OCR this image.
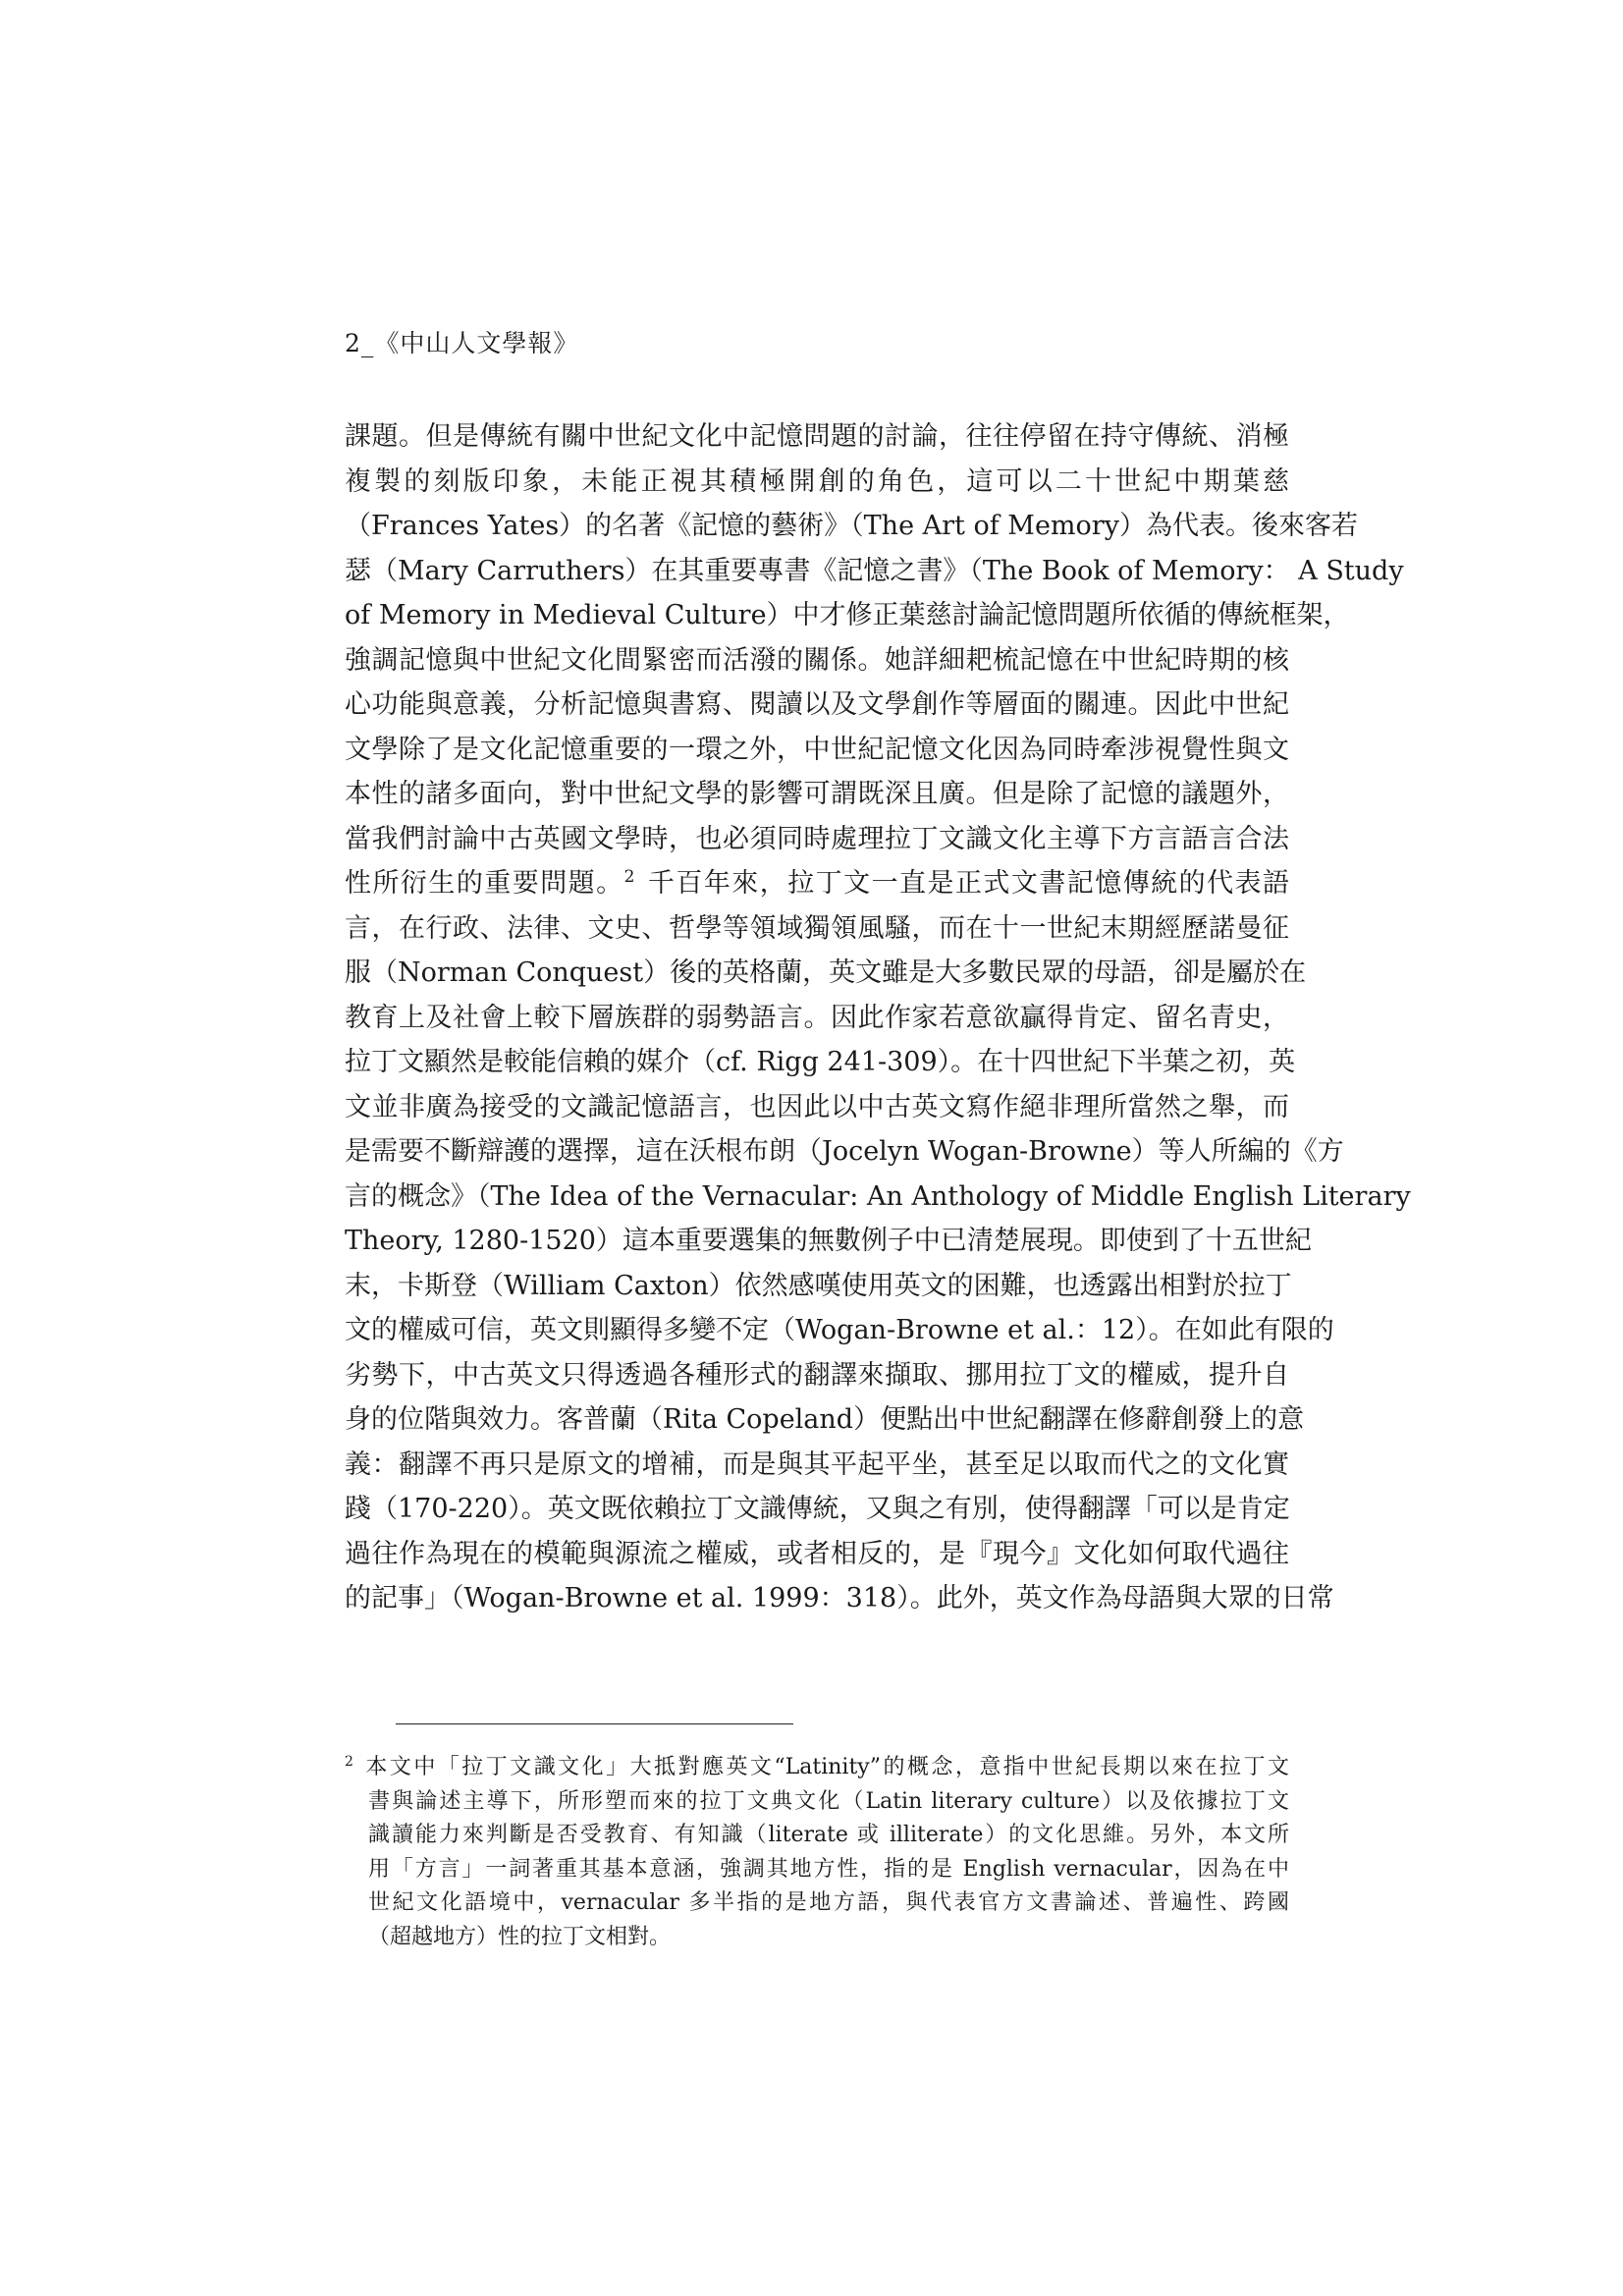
2_《中山人文學報》
課題。但是傳統有關中世紀文化中記憶問題的討論，往往停留在持守傳統、消極
複製的刻版印象，未能正視其積極開創的角色，這可以二十世紀中期葉慈
（Frances Yates）的名著《記憶的藝術》（The Art of Memory）為代表。後來客若
瑟（Mary Carruthers）在其重要專書《記憶之書》（The Book of Memory： A Study
of Memory in Medieval Culture）中才修正葉慈討論記憶問題所依循的傳統框架，
強調記憶與中世紀文化間緊密而活潑的關係。她詳細耙梳記憶在中世紀時期的核
心功能與意義，分析記憶與書寫、閱讀以及文學創作等層面的關連。因此中世紀
文學除了是文化記憶重要的一環之外，中世紀記憶文化因為同時牽涉視覺性與文
本性的諸多面向，對中世紀文學的影響可謂既深且廣。但是除了記憶的議題外，
當我們討論中古英國文學時，也必須同時處理拉丁文識文化主導下方言語言合法
性所衍生的重要問題。$^2$ 千百年來，拉丁文一直是正式文書記憶傳統的代表語
言，在行政、法律、文史、哲學等領域獨領風騷，而在十一世紀末期經歷諾曼征
服（Norman Conquest）後的英格蘭，英文雖是大多數民眾的母語，卻是屬於在
教育上及社會上較下層族群的弱勢語言。因此作家若意欲贏得肯定、留名青史，
拉丁文顯然是較能信賴的媒介（cf. Rigg 241-309）。在十四世紀下半葉之初，英
文並非廣為接受的文識記憶語言，也因此以中古英文寫作絕非理所當然之舉，而
是需要不斷辯護的選擇，這在沃根布朗（Jocelyn Wogan-Browne）等人所編的《方
言的概念》（The Idea of the Vernacular: An Anthology of Middle English Literary
Theory, 1280-1520）這本重要選集的無數例子中已清楚展現。即使到了十五世紀
末，卡斯登（William Caxton）依然感嘆使用英文的困難，也透露出相對於拉丁
文的權威可信，英文則顯得多變不定（Wogan-Browne et al.：12）。在如此有限的
劣勢下，中古英文只得透過各種形式的翻譯來擷取、挪用拉丁文的權威，提升自
身的位階與效力。客普蘭（Rita Copeland）便點出中世紀翻譯在修辭創發上的意
義：翻譯不再只是原文的增補，而是與其平起平坐，甚至足以取而代之的文化實
踐（170-220）。英文既依賴拉丁文識傳統，又與之有別，使得翻譯「可以是肯定
過往作為現在的模範與源流之權威，或者相反的，是『現今』文化如何取代過往
的記事」（Wogan-Browne et al. 1999：318）。此外，英文作為母語與大眾的日常
$^2$ 本文中「拉丁文識文化」大抵對應英文“Latinity”的概念，意指中世紀長期以來在拉丁文
書與論述主導下，所形塑而來的拉丁文典文化（Latin literary culture）以及依據拉丁文
識讀能力來判斷是否受教育、有知識（literate 或 illiterate）的文化思維。另外，本文所
用「方言」一詞著重其基本意涵，強調其地方性，指的是 English vernacular，因為在中
世紀文化語境中，vernacular 多半指的是地方語，與代表官方文書論述、普遍性、跨國
（超越地方）性的拉丁文相對。
